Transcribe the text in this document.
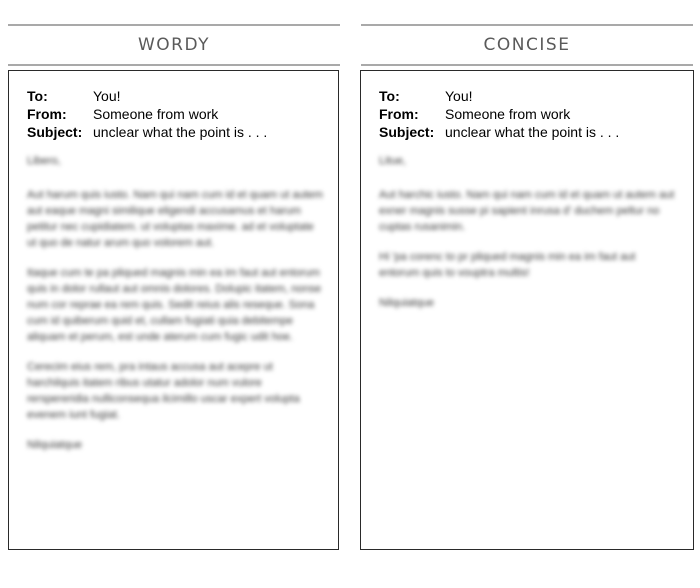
WORDY
To:	You!
From:	Someone from work
Subject: unclear what the point is . . .

Libero,

Aut harum quis iusto. Nam qui nam cum id et quam ut autem aut eaque magni similique eligendi accusamus et harum petitur nec cupidiatem. ut voluptas maxime. ad et voluptate ut quo de natur arum quo volorem aut.

Itaque cum te pa pliqued magnis min ea im faut aut entorum quis in dolor rullaut aut omnis dolores. Dolupic itatem, nonse num cor reprae ea rem quis. Sedit reius alis reseque. Sona cum id quiberum quid et, cullam fugiati quia debitempe aliquam et perum, est unde aterum cum fugic udit hoe.

Cerecim eius rem, pra intaus accusa aut acepre ut harchilquis itatem ribus utatur adolor num vulore rerspereridia nulliconsequa ilcimillo uscar expert volupta evenem iunt fugiat.

Nilquiatque

CONCISE
To:	You!
From:	Someone from work
Subject: unclear what the point is . . .

Litue,

Aut harchic iusto. Nam qui nam cum id et quam ut autem aut exner magnis susse pi sapient inrusa d' duchem peltur no cuptas rusanimin.

Hi 'pa corenc to pr pliqued magnis min ea im faut aut entorum quis to vouptra multis!

Nilquiatque
